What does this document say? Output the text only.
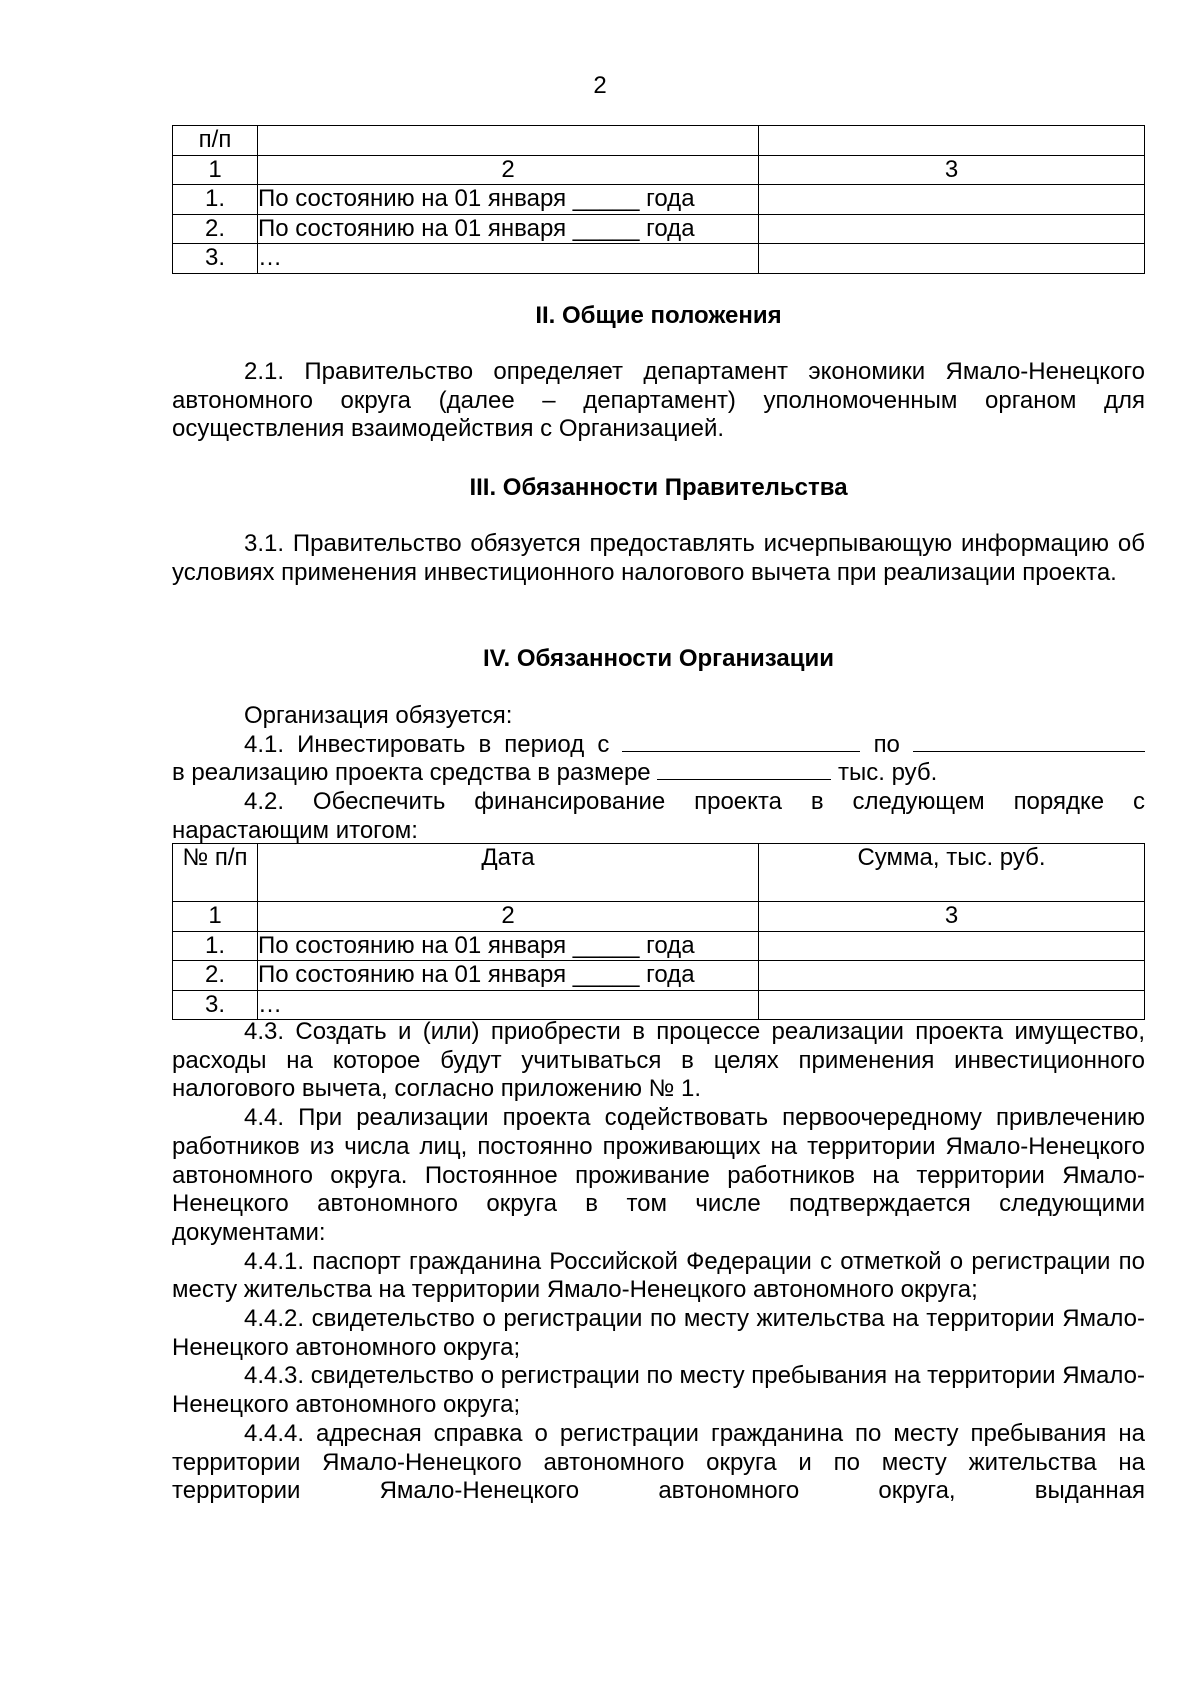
2
п/п		
1	2	3
1.	По состоянию на 01 января _____ года	
2.	По состоянию на 01 января _____ года	
3.	…	
II. Общие положения

2.1. Правительство определяет департамент экономики Ямало-Ненецкого автономного округа (далее – департамент) уполномоченным органом для осуществления взаимодействия с Организацией.

III. Обязанности Правительства

3.1. Правительство обязуется предоставлять исчерпывающую информацию об условиях применения инвестиционного налогового вычета при реализации проекта.

IV. Обязанности Организации

Организация обязуется:

4.1. Инвестировать в период с	по

в реализацию проекта средства в размере	тыс. руб.

4.2. Обеспечить финансирование проекта в следующем порядке с нарастающим итогом:

№ п/п	Дата	Сумма, тыс. руб.
1	2	3
1.	По состоянию на 01 января _____ года	
2.	По состоянию на 01 января _____ года	
3.	…	

4.3. Создать и (или) приобрести в процессе реализации проекта имущество, расходы на которое будут учитываться в целях применения инвестиционного налогового вычета, согласно приложению № 1.

4.4. При реализации проекта содействовать первоочередному привлечению работников из числа лиц, постоянно проживающих на территории Ямало-Ненецкого автономного округа. Постоянное проживание работников на территории Ямало-Ненецкого автономного округа в том числе подтверждается следующими документами:

4.4.1. паспорт гражданина Российской Федерации с отметкой о регистрации по месту жительства на территории Ямало-Ненецкого автономного округа;

4.4.2. свидетельство о регистрации по месту жительства на территории Ямало-Ненецкого автономного округа;

4.4.3. свидетельство о регистрации по месту пребывания на территории Ямало-Ненецкого автономного округа;

4.4.4. адресная справка о регистрации гражданина по месту пребывания на территории Ямало-Ненецкого автономного округа и по месту жительства на территории Ямало-Ненецкого автономного округа, выданная
